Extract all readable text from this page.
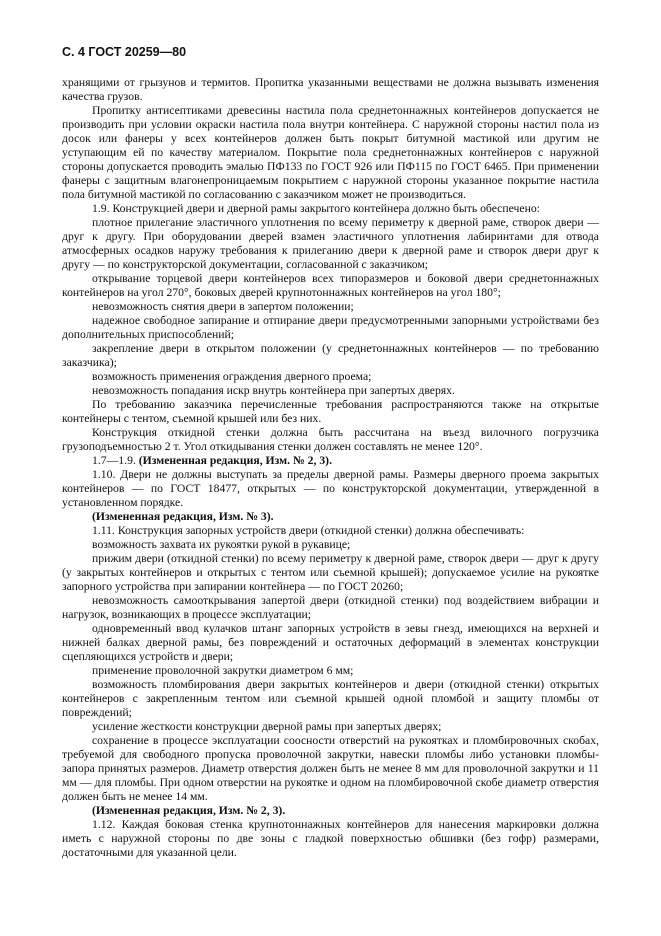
С. 4 ГОСТ 20259—80

хранящими от грызунов и термитов. Пропитка указанными веществами не должна вызывать изменения качества грузов.

Пропитку антисептиками древесины настила пола среднетоннажных контейнеров допускается не производить при условии окраски настила пола внутри контейнера. С наружной стороны настил пола из досок или фанеры у всех контейнеров должен быть покрыт битумной мастикой или другим не уступающим ей по качеству материалом. Покрытие пола среднетоннажных контейнеров с наружной стороны допускается проводить эмалью ПФ133 по ГОСТ 926 или ПФ115 по ГОСТ 6465. При применении фанеры с защитным влагонепроницаемым покрытием с наружной стороны указанное покрытие настила пола битумной мастикой по согласованию с заказчиком может не производиться.

1.9. Конструкцией двери и дверной рамы закрытого контейнера должно быть обеспечено:

плотное прилегание эластичного уплотнения по всему периметру к дверной раме, створок двери — друг к другу. При оборудовании дверей взамен эластичного уплотнения лабиринтами для отвода атмосферных осадков наружу требования к прилеганию двери к дверной раме и створок двери друг к другу — по конструкторской документации, согласованной с заказчиком;

открывание торцевой двери контейнеров всех типоразмеров и боковой двери среднетоннажных контейнеров на угол 270°, боковых дверей крупнотоннажных контейнеров на угол 180°;

невозможность снятия двери в запертом положении;

надежное свободное запирание и отпирание двери предусмотренными запорными устройствами без дополнительных приспособлений;

закрепление двери в открытом положении (у среднетоннажных контейнеров — по требованию заказчика);

возможность применения ограждения дверного проема;

невозможность попадания искр внутрь контейнера при запертых дверях.

По требованию заказчика перечисленные требования распространяются также на открытые контейнеры с тентом, съемной крышей или без них.

Конструкция откидной стенки должна быть рассчитана на въезд вилочного погрузчика грузоподъемностью 2 т. Угол откидывания стенки должен составлять не менее 120°.

1.7—1.9. (Измененная редакция, Изм. № 2, 3).

1.10. Двери не должны выступать за пределы дверной рамы. Размеры дверного проема закрытых контейнеров — по ГОСТ 18477, открытых — по конструкторской документации, утвержденной в установленном порядке.

(Измененная редакция, Изм. № 3).

1.11. Конструкция запорных устройств двери (откидной стенки) должна обеспечивать:

возможность захвата их рукоятки рукой в рукавице;

прижим двери (откидной стенки) по всему периметру к дверной раме, створок двери — друг к другу (у закрытых контейнеров и открытых с тентом или съемной крышей); допускаемое усилие на рукоятке запорного устройства при запирании контейнера — по ГОСТ 20260;

невозможность самооткрывания запертой двери (откидной стенки) под воздействием вибрации и нагрузок, возникающих в процессе эксплуатации;

одновременный ввод кулачков штанг запорных устройств в зевы гнезд, имеющихся на верхней и нижней балках дверной рамы, без повреждений и остаточных деформаций в элементах конструкции сцепляющихся устройств и двери;

применение проволочной закрутки диаметром 6 мм;

возможность пломбирования двери закрытых контейнеров и двери (откидной стенки) открытых контейнеров с закрепленным тентом или съемной крышей одной пломбой и защиту пломбы от повреждений;

усиление жесткости конструкции дверной рамы при запертых дверях;

сохранение в процессе эксплуатации соосности отверстий на рукоятках и пломбировочных скобах, требуемой для свободного пропуска проволочной закрутки, навески пломбы либо установки пломбы-запора принятых размеров. Диаметр отверстия должен быть не менее 8 мм для проволочной закрутки и 11 мм — для пломбы. При одном отверстии на рукоятке и одном на пломбировочной скобе диаметр отверстия должен быть не менее 14 мм.

(Измененная редакция, Изм. № 2, 3).

1.12. Каждая боковая стенка крупнотоннажных контейнеров для нанесения маркировки должна иметь с наружной стороны по две зоны с гладкой поверхностью обшивки (без гофр) размерами, достаточными для указанной цели.
